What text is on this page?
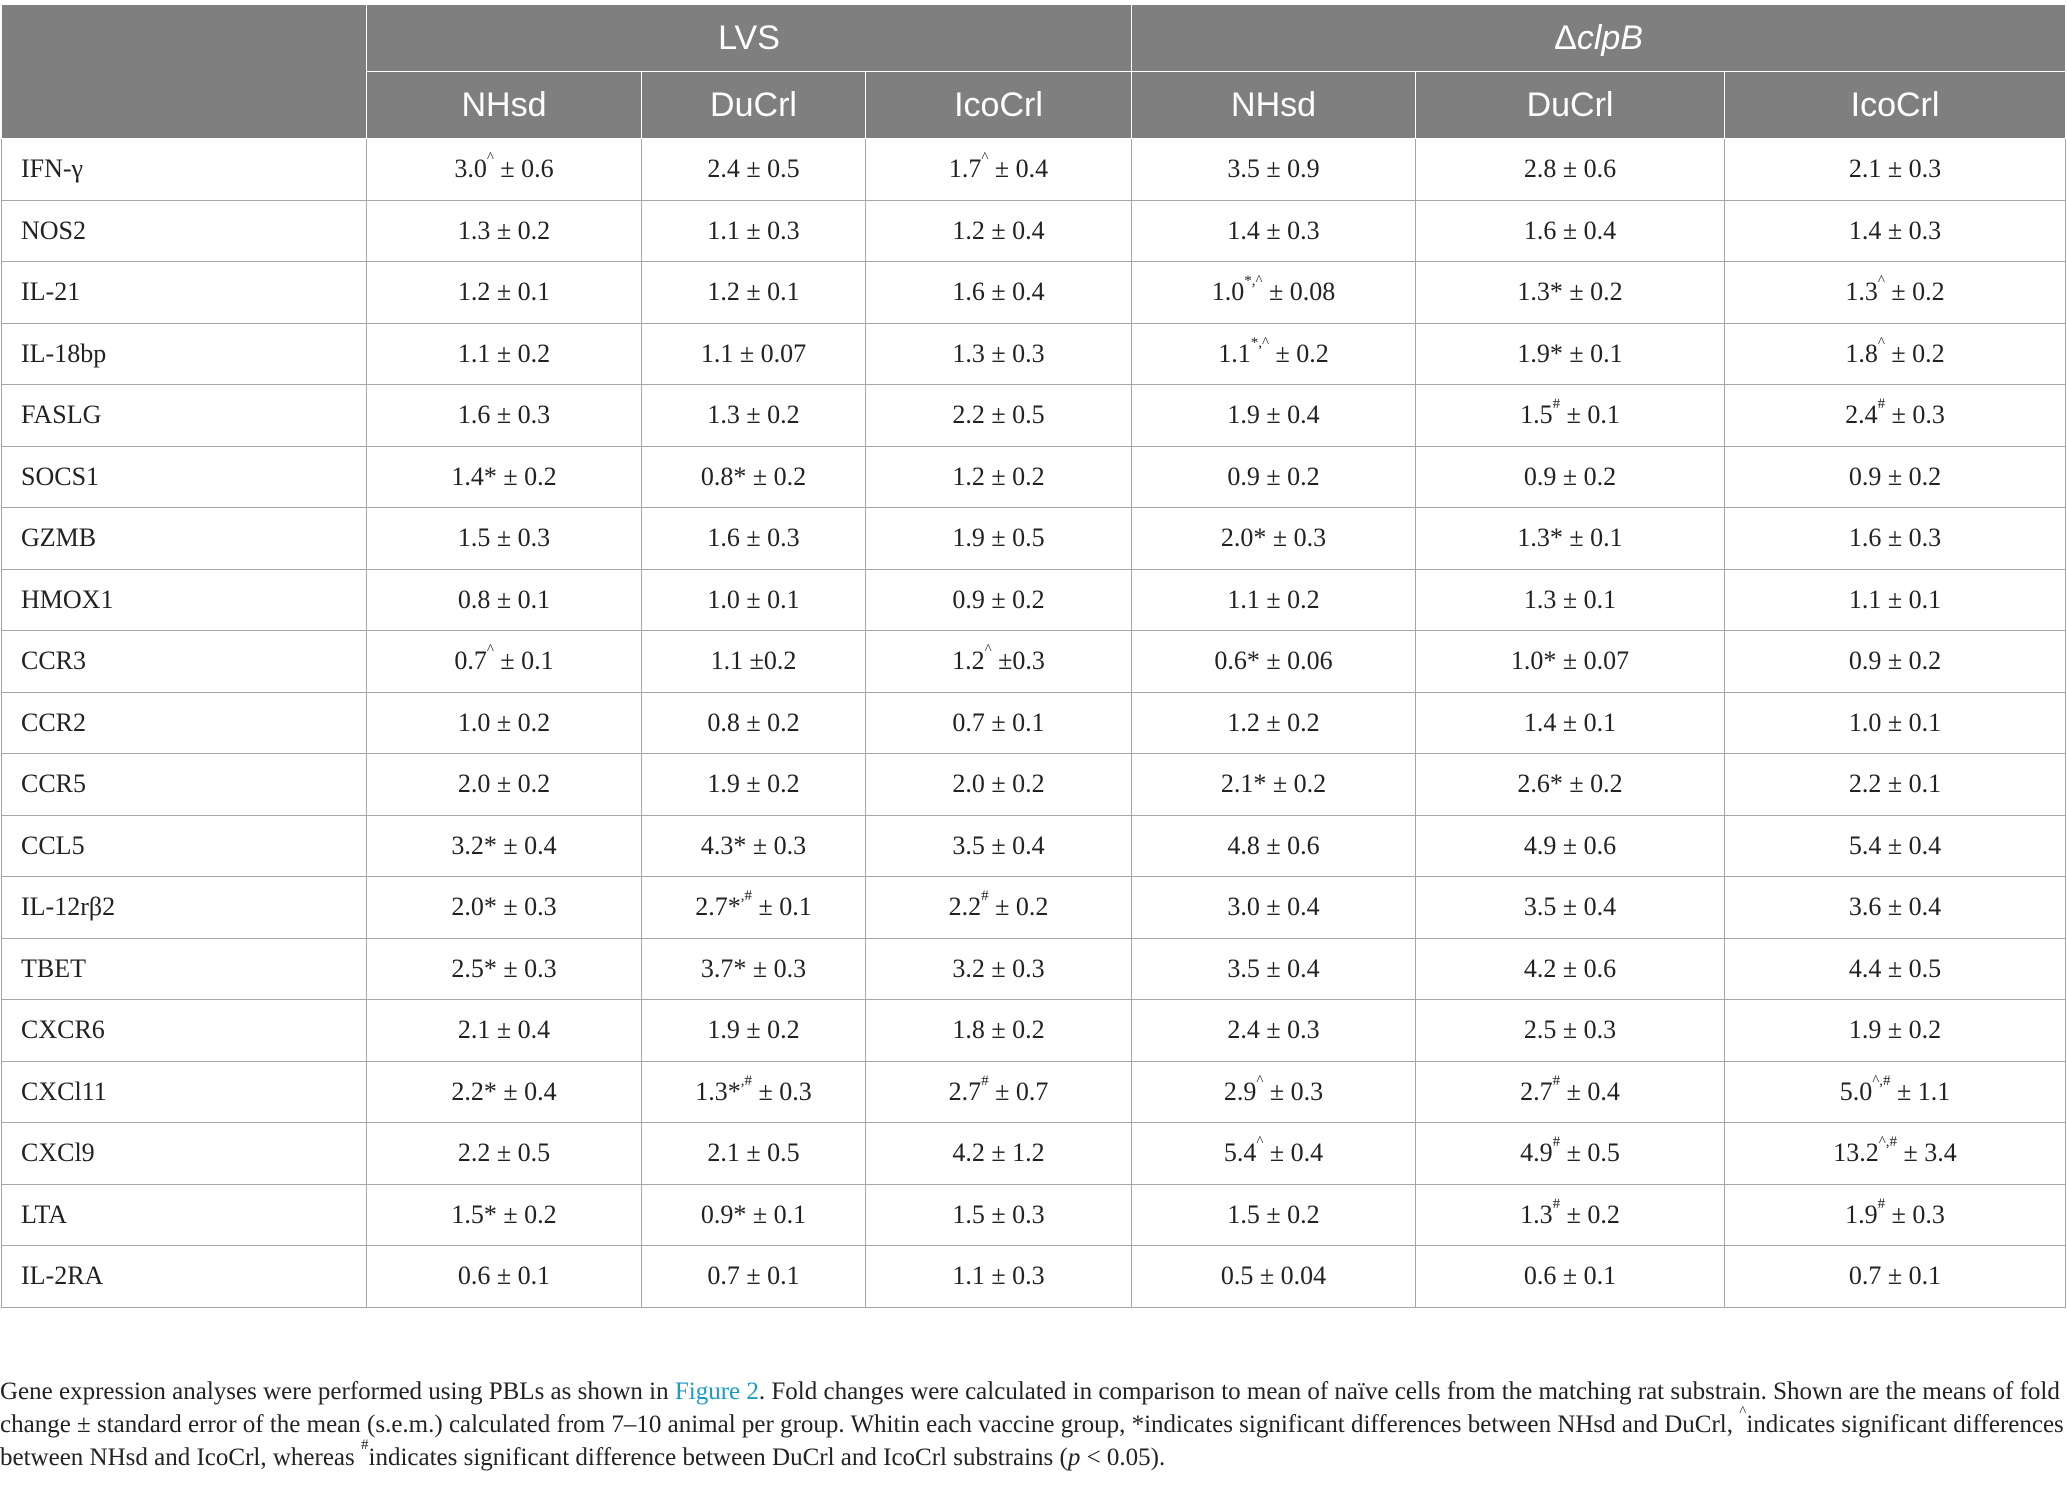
	LVS			ΔclpB		
	NHsd	DuCrl	IcoCrl	NHsd	DuCrl	IcoCrl
IFN-γ	3.0^ ± 0.6	2.4 ± 0.5	1.7^ ± 0.4	3.5 ± 0.9	2.8 ± 0.6	2.1 ± 0.3
NOS2	1.3 ± 0.2	1.1 ± 0.3	1.2 ± 0.4	1.4 ± 0.3	1.6 ± 0.4	1.4 ± 0.3
IL-21	1.2 ± 0.1	1.2 ± 0.1	1.6 ± 0.4	1.0*,^ ± 0.08	1.3* ± 0.2	1.3^ ± 0.2
IL-18bp	1.1 ± 0.2	1.1 ± 0.07	1.3 ± 0.3	1.1*,^ ± 0.2	1.9* ± 0.1	1.8^ ± 0.2
FASLG	1.6 ± 0.3	1.3 ± 0.2	2.2 ± 0.5	1.9 ± 0.4	1.5# ± 0.1	2.4# ± 0.3
SOCS1	1.4* ± 0.2	0.8* ± 0.2	1.2 ± 0.2	0.9 ± 0.2	0.9 ± 0.2	0.9 ± 0.2
GZMB	1.5 ± 0.3	1.6 ± 0.3	1.9 ± 0.5	2.0* ± 0.3	1.3* ± 0.1	1.6 ± 0.3
HMOX1	0.8 ± 0.1	1.0 ± 0.1	0.9 ± 0.2	1.1 ± 0.2	1.3 ± 0.1	1.1 ± 0.1
CCR3	0.7^ ± 0.1	1.1 ±0.2	1.2^ ±0.3	0.6* ± 0.06	1.0* ± 0.07	0.9 ± 0.2
CCR2	1.0 ± 0.2	0.8 ± 0.2	0.7 ± 0.1	1.2 ± 0.2	1.4 ± 0.1	1.0 ± 0.1
CCR5	2.0 ± 0.2	1.9 ± 0.2	2.0 ± 0.2	2.1* ± 0.2	2.6* ± 0.2	2.2 ± 0.1
CCL5	3.2* ± 0.4	4.3* ± 0.3	3.5 ± 0.4	4.8 ± 0.6	4.9 ± 0.6	5.4 ± 0.4
IL-12rβ2	2.0* ± 0.3	2.7*,# ± 0.1	2.2# ± 0.2	3.0 ± 0.4	3.5 ± 0.4	3.6 ± 0.4
TBET	2.5* ± 0.3	3.7* ± 0.3	3.2 ± 0.3	3.5 ± 0.4	4.2 ± 0.6	4.4 ± 0.5
CXCR6	2.1 ± 0.4	1.9 ± 0.2	1.8 ± 0.2	2.4 ± 0.3	2.5 ± 0.3	1.9 ± 0.2
CXCl11	2.2* ± 0.4	1.3*,# ± 0.3	2.7# ± 0.7	2.9^ ± 0.3	2.7# ± 0.4	5.0^,# ± 1.1
CXCl9	2.2 ± 0.5	2.1 ± 0.5	4.2 ± 1.2	5.4^ ± 0.4	4.9# ± 0.5	13.2^,# ± 3.4
LTA	1.5* ± 0.2	0.9* ± 0.1	1.5 ± 0.3	1.5 ± 0.2	1.3# ± 0.2	1.9# ± 0.3
IL-2RA	0.6 ± 0.1	0.7 ± 0.1	1.1 ± 0.3	0.5 ± 0.04	0.6 ± 0.1	0.7 ± 0.1
Gene expression analyses were performed using PBLs as shown in Figure 2. Fold changes were calculated in comparison to mean of naïve cells from the matching rat substrain. Shown are the means of fold change ± standard error of the mean (s.e.m.) calculated from 7–10 animal per group. Whitin each vaccine group, *indicates significant differences between NHsd and DuCrl, ^indicates significant differences between NHsd and IcoCrl, whereas #indicates significant difference between DuCrl and IcoCrl substrains (p < 0.05).
